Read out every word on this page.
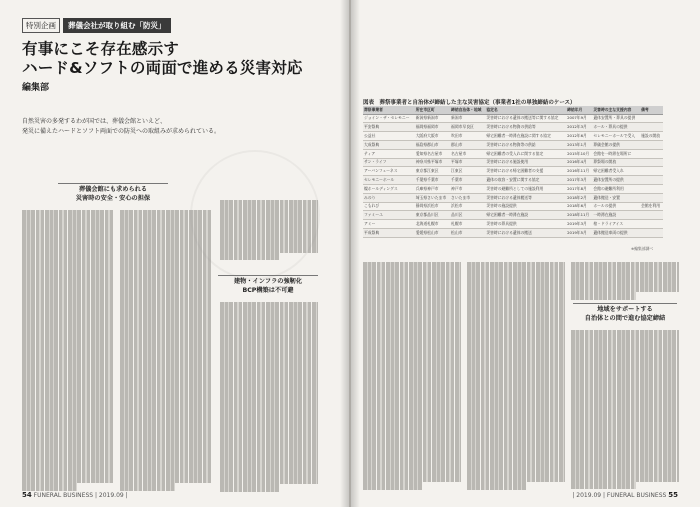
特別企画	葬儀会社が取り組む「防災」
有事にこそ存在感示す
ハード&ソフトの両面で進める災害対応
編集部
自然災害の多発するわが国では、葬儀会館といえど、
発災に備えたハードとソフト両面での防災への取組みが求められている。
葬儀会館にも求められる
災害時の安全・安心の担保
建物・インフラの強靭化
BCP構築は不可避
54 FUNERAL BUSINESS | 2019.09 |
図表　葬祭事業者と自治体が締結した主な災害協定（事業者1社の単独締結のケース）
葬祭事業者	所在市区町	締結自治体・地域	協定名	締結年月	災害時の主な支援内容	備考
ジョイン・ザ・セレモニー	新潟県新潟市	新潟市	災害時における遺体の搬送等に関する協定	2007年9月	遺体安置所・葬具の提供	
平安祭典	福岡県福岡市	福岡市早良区	災害時における物資の供給等	2012年3月	ホール・葬具の提供	
公益社	大阪府大阪市	吹田市	帰宅困難者一時滞在施設に関する協定	2012年6月	セレモニーホールで受入	施設の開放
大成祭典	福島県郡山市	郡山市	災害時における物資等の供給	2013年1月	葬儀会館の提供	
ティア	愛知県名古屋市	名古屋市	帰宅困難者の受入れに関する協定	2015年10月	会館を一時滞在場所に	
サン・ライフ	神奈川県平塚市	平塚市	災害時における施設使用	2016年4月	葬祭場の開放	
アーバンフューネス	東京都江東区	江東区	災害時における帰宅困難者の支援	2016年11月	帰宅困難者受入れ	
セレモニーホール	千葉県千葉市	千葉市	遺体の収容・安置に関する協定	2017年3月	遺体安置所の提供	
燦ホールディングス	兵庫県神戸市	神戸市	災害時の避難所としての施設利用	2017年8月	会館の避難所利用	
みのり	埼玉県さいたま市	さいたま市	災害時における遺体搬送等	2018年2月	遺体搬送・安置	
こもれび	静岡県浜松市	浜松市	災害時の施設提供	2018年6月	ホールの提供	会館を利用
ファミーユ	東京都品川区	品川区	帰宅困難者一時滞在施設	2018年11月	一時滞在施設	
アミー	北海道札幌市	札幌市	災害時の葬具提供	2019年3月	棺・ドライアイス	
平成祭典	愛媛県松山市	松山市	災害時における遺体の搬送	2019年5月	遺体搬送車両の提供	
※編集部調べ
地域をサポートする
自治体との間で進む協定締結
| 2019.09 | FUNERAL BUSINESS 55
